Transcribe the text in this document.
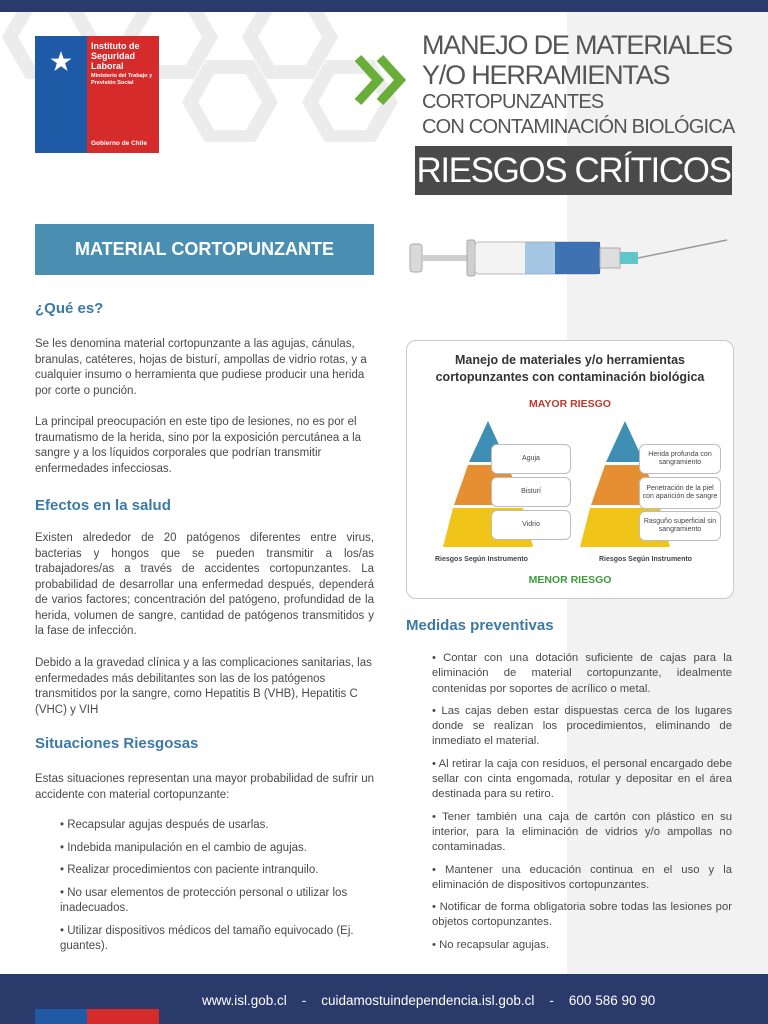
Instituto de Seguridad Laboral
Ministerio del Trabajo y Previsión Social
Gobierno de Chile
MANEJO DE MATERIALES
Y/O HERRAMIENTAS
CORTOPUNZANTES
CON CONTAMINACIÓN BIOLÓGICA
RIESGOS CRÍTICOS
MATERIAL CORTOPUNZANTE
¿Qué es?
Se les denomina material cortopunzante a las agujas, cánulas, branulas, catéteres, hojas de bisturí, ampollas de vidrio rotas, y a cualquier insumo o herramienta que pudiese producir una herida por corte o punción.
La principal preocupación en este tipo de lesiones, no es por el traumatismo de la herida, sino por la exposición percutánea a la sangre y a los líquidos corporales que podrían transmitir enfermedades infecciosas.
Efectos en la salud
Existen alrededor de 20 patógenos diferentes entre virus, bacterias y hongos que se pueden transmitir a los/as trabajadores/as a través de accidentes cortopunzantes. La probabilidad de desarrollar una enfermedad después, dependerá de varios factores; concentración del patógeno, profundidad de la herida, volumen de sangre, cantidad de patógenos transmitidos y la fase de infección.
Debido a la gravedad clínica y a las complicaciones sanitarias, las enfermedades más debilitantes son las de los patógenos transmitidos por la sangre, como Hepatitis B (VHB), Hepatitis C (VHC) y VIH
Situaciones Riesgosas
Estas situaciones representan una mayor probabilidad de sufrir un accidente con material cortopunzante:
• Recapsular agujas después de usarlas.
• Indebida manipulación en el cambio de agujas.
• Realizar procedimientos con paciente intranquilo.
• No usar elementos de protección personal o utilizar los inadecuados.
• Utilizar dispositivos médicos del tamaño equivocado (Ej. guantes).
Manejo de materiales y/o herramientas cortopunzantes con contaminación biológica
MAYOR RIESGO
Aguja
Bisturí
Vidrio
Riesgos Según Instrumento
Herida profunda con sangramiento
Penetración de la piel con aparición de sangre
Rasguño superficial sin sangramiento
Riesgos Según Instrumento
MENOR RIESGO
Medidas preventivas
• Contar con una dotación suficiente de cajas para la eliminación de material cortopunzante, idealmente contenidas por soportes de acrílico o metal.
• Las cajas deben estar dispuestas cerca de los lugares donde se realizan los procedimientos, eliminando de inmediato el material.
• Al retirar la caja con residuos, el personal encargado debe sellar con cinta engomada, rotular y depositar en el área destinada para su retiro.
• Tener también una caja de cartón con plástico en su interior, para la eliminación de vidrios y/o ampollas no contaminadas.
• Mantener una educación continua en el uso y la eliminación de dispositivos cortopunzantes.
• Notificar de forma obligatoria sobre todas las lesiones por objetos cortopunzantes.
• No recapsular agujas.
www.isl.gob.cl    -    cuidamostuindependencia.isl.gob.cl    -    600 586 90 90
